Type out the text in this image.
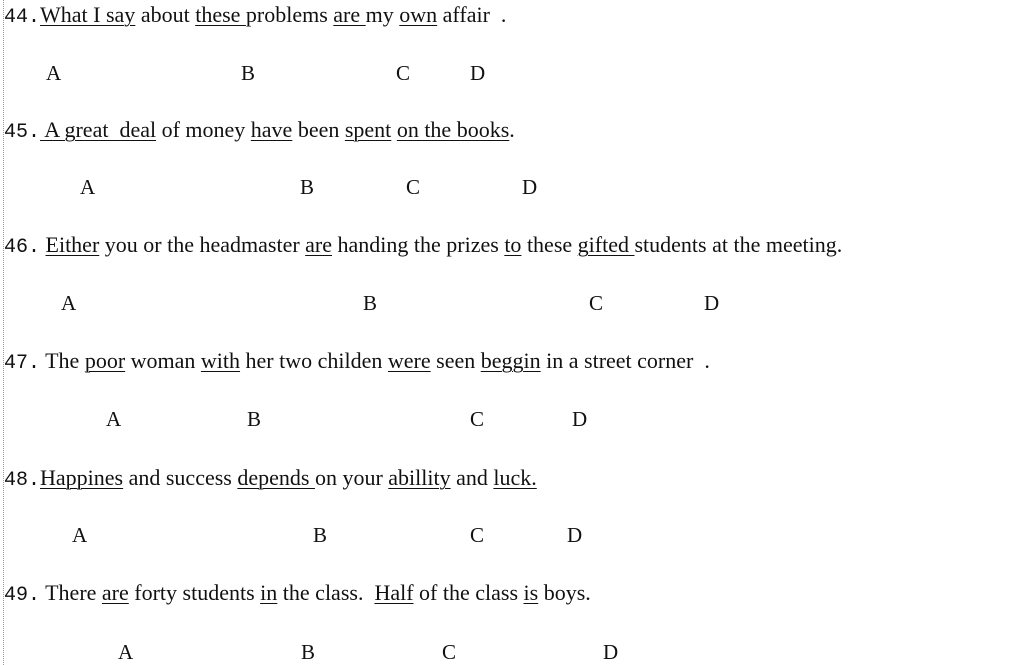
44.What I say about these problems are my own affair  .
A	B	C	D
45. A great  deal of money have been spent on the books.
A	B	C	D
46. Either you or the headmaster are handing the prizes to these gifted students at the meeting.
A	B	C	D
47. The poor woman with her two childen were seen beggin in a street corner  .
A	B	C	D
48.Happines and success depends on your abillity and luck.
A	B	C	D
49. There are forty students in the class.  Half of the class is boys.
A	B	C	D
